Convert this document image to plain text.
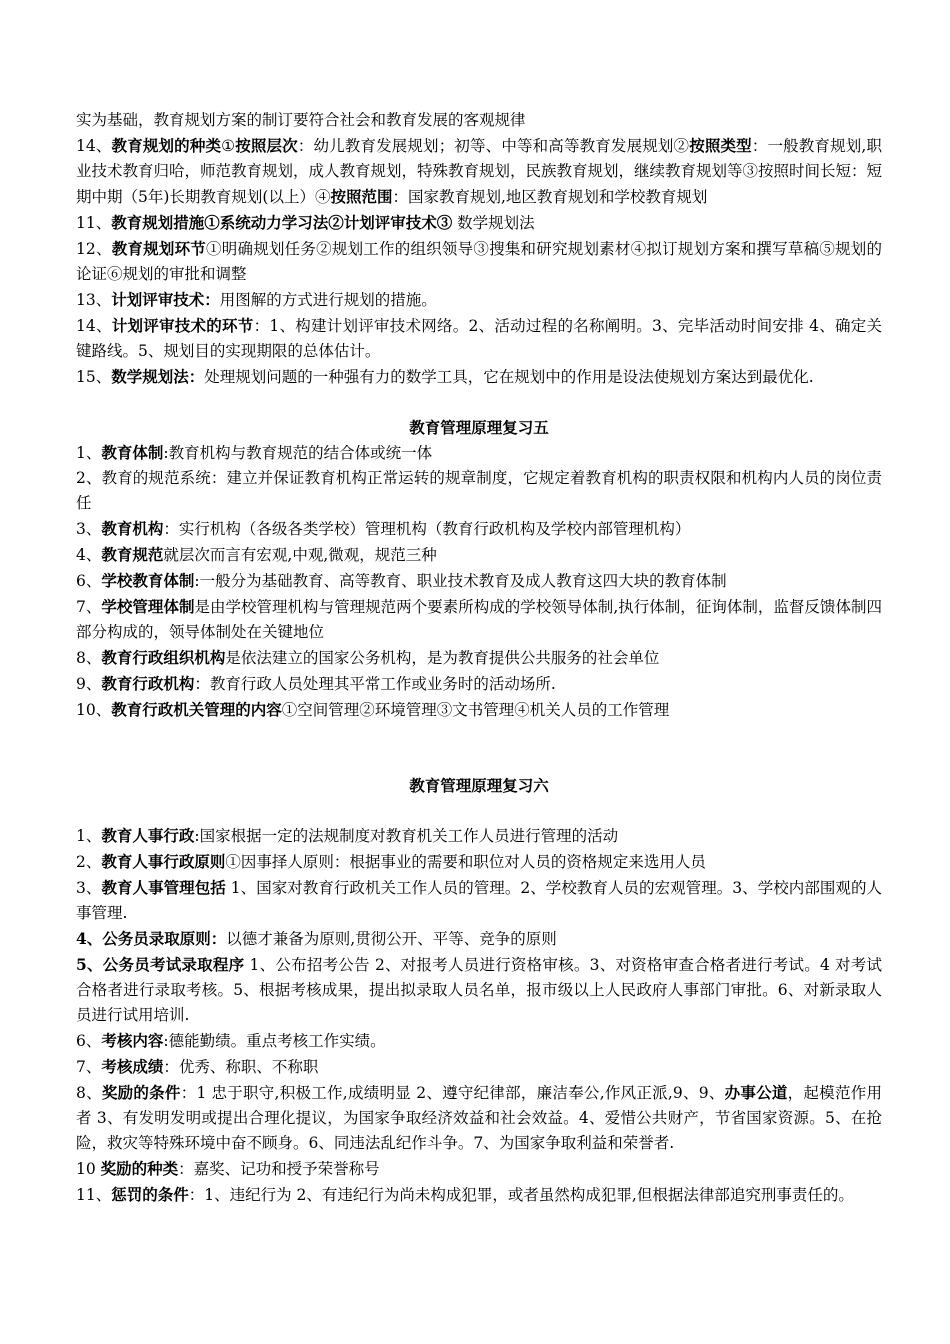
实为基础，教育规划方案的制订要符合社会和教育发展的客观规律

14、教育规划的种类①按照层次：幼儿教育发展规划；初等、中等和高等教育发展规划②按照类型：一般教育规划,职业技术教育归哈，师范教育规划，成人教育规划，特殊教育规划，民族教育规划，继续教育规划等③按照时间长短：短期中期（5年)长期教育规划(以上）④按照范围：国家教育规划,地区教育规划和学校教育规划

11、教育规划措施①系统动力学习法②计划评审技术③ 数学规划法

12、教育规划环节①明确规划任务②规划工作的组织领导③搜集和研究规划素材④拟订规划方案和撰写草稿⑤规划的论证⑥规划的审批和调整

13、计划评审技术：用图解的方式进行规划的措施。

14、计划评审技术的环节：1、构建计划评审技术网络。2、活动过程的名称阐明。3、完毕活动时间安排 4、确定关键路线。5、规划目的实现期限的总体估计。

15、数学规划法：处理规划问题的一种强有力的数学工具，它在规划中的作用是设法使规划方案达到最优化.

教育管理原理复习五

1、教育体制:教育机构与教育规范的结合体或统一体

2、教育的规范系统：建立并保证教育机构正常运转的规章制度，它规定着教育机构的职责权限和机构内人员的岗位责任

3、教育机构：实行机构（各级各类学校）管理机构（教育行政机构及学校内部管理机构）

4、教育规范就层次而言有宏观,中观,微观，规范三种

6、学校教育体制:一般分为基础教育、高等教育、职业技术教育及成人教育这四大块的教育体制

7、学校管理体制是由学校管理机构与管理规范两个要素所构成的学校领导体制,执行体制，征询体制，监督反馈体制四部分构成的，领导体制处在关键地位

8、教育行政组织机构是依法建立的国家公务机构，是为教育提供公共服务的社会单位

9、教育行政机构：教育行政人员处理其平常工作或业务时的活动场所.

10、教育行政机关管理的内容①空间管理②环境管理③文书管理④机关人员的工作管理

教育管理原理复习六

1、教育人事行政:国家根据一定的法规制度对教育机关工作人员进行管理的活动

2、教育人事行政原则①因事择人原则：根据事业的需要和职位对人员的资格规定来选用人员

3、教育人事管理包括 1、国家对教育行政机关工作人员的管理。2、学校教育人员的宏观管理。3、学校内部围观的人事管理.

4、公务员录取原则：以德才兼备为原则,贯彻公开、平等、竞争的原则

5、公务员考试录取程序 1、公布招考公告 2、对报考人员进行资格审核。3、对资格审查合格者进行考试。4 对考试合格者进行录取考核。5、根据考核成果，提出拟录取人员名单，报市级以上人民政府人事部门审批。6、对新录取人员进行试用培训.

6、考核内容:德能勤绩。重点考核工作实绩。

7、考核成绩：优秀、称职、不称职

8、奖励的条件：1 忠于职守,积极工作,成绩明显 2、遵守纪律部，廉洁奉公,作风正派,9、9、办事公道，起模范作用者 3、有发明发明或提出合理化提议，为国家争取经济效益和社会效益。4、爱惜公共财产，节省国家资源。5、在抢险，救灾等特殊环境中奋不顾身。6、同违法乱纪作斗争。7、为国家争取利益和荣誉者.

10 奖励的种类：嘉奖、记功和授予荣誉称号

11、惩罚的条件：1、违纪行为 2、有违纪行为尚未构成犯罪，或者虽然构成犯罪,但根据法律部追究刑事责任的。
